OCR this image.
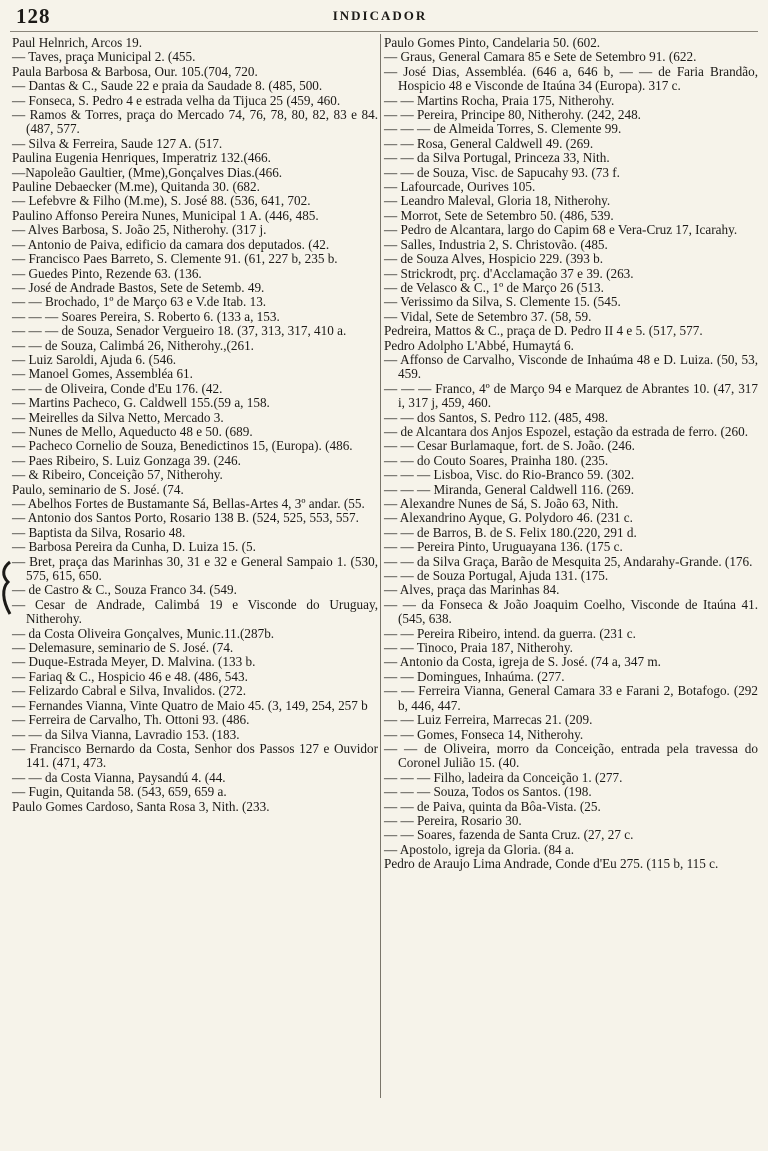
128	INDICADOR

Paul Helnrich, Arcos 19.

— Taves, praça Municipal 2. (455.

Paula Barbosa & Barbosa, Our. 105.(704, 720.

— Dantas & C., Saude 22 e praia da Saudade 8. (485, 500.

— Fonseca, S. Pedro 4 e estrada velha da Tijuca 25 (459, 460.

— Ramos & Torres, praça do Mercado 74, 76, 78, 80, 82, 83 e 84. (487, 577.

— Silva & Ferreira, Saude 127 A. (517.

Paulina Eugenia Henriques, Imperatriz 132.(466.

—Napoleão Gaultier, (Mme),Gonçalves Dias.(466.

Pauline Debaecker (M.me), Quitanda 30. (682.

— Lefebvre & Filho (M.me), S. José 88. (536, 641, 702.

Paulino Affonso Pereira Nunes, Municipal 1 A. (446, 485.

— Alves Barbosa, S. João 25, Nitherohy. (317 j.

— Antonio de Paiva, edificio da camara dos deputados. (42.

— Francisco Paes Barreto, S. Clemente 91. (61, 227 b, 235 b.

— Guedes Pinto, Rezende 63. (136.

— José de Andrade Bastos, Sete de Setemb. 49.

— — Brochado, 1º de Março 63 e V.de Itab. 13.

— — — Soares Pereira, S. Roberto 6. (133 a, 153.

— — — de Souza, Senador Vergueiro 18. (37, 313, 317, 410 a.

— — de Souza, Calimbá 26, Nitherohy.,(261.

— Luiz Saroldi, Ajuda 6. (546.

— Manoel Gomes, Assembléa 61.

— — de Oliveira, Conde d'Eu 176. (42.

— Martins Pacheco, G. Caldwell 155.(59 a, 158.

— Meirelles da Silva Netto, Mercado 3.

— Nunes de Mello, Aqueducto 48 e 50. (689.

— Pacheco Cornelio de Souza, Benedictinos 15, (Europa). (486.

— Paes Ribeiro, S. Luiz Gonzaga 39. (246.

— & Ribeiro, Conceição 57, Nitherohy.

Paulo, seminario de S. José. (74.

— Abelhos Fortes de Bustamante Sá, Bellas-Artes 4, 3º andar. (55.

— Antonio dos Santos Porto, Rosario 138 B. (524, 525, 553, 557.

— Baptista da Silva, Rosario 48.

— Barbosa Pereira da Cunha, D. Luiza 15. (5.

— Bret, praça das Marinhas 30, 31 e 32 e General Sampaio 1. (530, 575, 615, 650.

— de Castro & C., Souza Franco 34. (549.

— Cesar de Andrade, Calimbá 19 e Visconde do Uruguay, Nitherohy.

— da Costa Oliveira Gonçalves, Munic.11.(287b.

— Delemasure, seminario de S. José. (74.

— Duque-Estrada Meyer, D. Malvina. (133 b.

— Fariaq & C., Hospicio 46 e 48. (486, 543.

— Felizardo Cabral e Silva, Invalidos. (272.

— Fernandes Vianna, Vinte Quatro de Maio 45. (3, 149, 254, 257 b

— Ferreira de Carvalho, Th. Ottoni 93. (486.

— — da Silva Vianna, Lavradio 153. (183.

— Francisco Bernardo da Costa, Senhor dos Passos 127 e Ouvidor 141. (471, 473.

— — da Costa Vianna, Paysandú 4. (44.

— Fugin, Quitanda 58. (543, 659, 659 a.

Paulo Gomes Cardoso, Santa Rosa 3, Nith. (233.

Paulo Gomes Pinto, Candelaria 50. (602.

— Graus, General Camara 85 e Sete de Setembro 91. (622.

— José Dias, Assembléa. (646 a, 646 b, — — de Faria Brandão, Hospicio 48 e Visconde de Itaúna 34 (Europa). 317 c.

— — Martins Rocha, Praia 175, Nitherohy.

— — Pereira, Principe 80, Nitherohy. (242, 248.

— — — de Almeida Torres, S. Clemente 99.

— — Rosa, General Caldwell 49. (269.

— — da Silva Portugal, Princeza 33, Nith.

— — de Souza, Visc. de Sapucahy 93. (73 f.

— Lafourcade, Ourives 105.

— Leandro Maleval, Gloria 18, Nitherohy.

— Morrot, Sete de Setembro 50. (486, 539.

— Pedro de Alcantara, largo do Capim 68 e Vera-Cruz 17, Icarahy.

— Salles, Industria 2, S. Christovão. (485.

— de Souza Alves, Hospicio 229. (393 b.

— Strickrodt, prç. d'Acclamação 37 e 39. (263.

— de Velasco & C., 1º de Março 26 (513.

— Verissimo da Silva, S. Clemente 15. (545.

— Vidal, Sete de Setembro 37. (58, 59.

Pedreira, Mattos & C., praça de D. Pedro II 4 e 5. (517, 577.

Pedro Adolpho L'Abbé, Humaytá 6.

— Affonso de Carvalho, Visconde de Inhaúma 48 e D. Luiza. (50, 53, 459.

— — — Franco, 4º de Março 94 e Marquez de Abrantes 10. (47, 317 i, 317 j, 459, 460.

— — dos Santos, S. Pedro 112. (485, 498.

— de Alcantara dos Anjos Espozel, estação da estrada de ferro. (260.

— — Cesar Burlamaque, fort. de S. João. (246.

— — do Couto Soares, Prainha 180. (235.

— — — Lisboa, Visc. do Rio-Branco 59. (302.

— — — Miranda, General Caldwell 116. (269.

— Alexandre Nunes de Sá, S. João 63, Nith.

— Alexandrino Ayque, G. Polydoro 46. (231 c.

— — de Barros, B. de S. Felix 180.(220, 291 d.

— — Pereira Pinto, Uruguayana 136. (175 c.

— — da Silva Graça, Barão de Mesquita 25, Andarahy-Grande. (176.

— — de Souza Portugal, Ajuda 131. (175.

— Alves, praça das Marinhas 84.

— — da Fonseca & João Joaquim Coelho, Visconde de Itaúna 41. (545, 638.

— — Pereira Ribeiro, intend. da guerra. (231 c.

— — Tinoco, Praia 187, Nitherohy.

— Antonio da Costa, igreja de S. José. (74 a, 347 m.

— — Domingues, Inhaúma. (277.

— — Ferreira Vianna, General Camara 33 e Farani 2, Botafogo. (292 b, 446, 447.

— — Luiz Ferreira, Marrecas 21. (209.

— — Gomes, Fonseca 14, Nitherohy.

— — de Oliveira, morro da Conceição, entrada pela travessa do Coronel Julião 15. (40.

— — — Filho, ladeira da Conceição 1. (277.

— — — Souza, Todos os Santos. (198.

— — de Paiva, quinta da Bôa-Vista. (25.

— — Pereira, Rosario 30.

— — Soares, fazenda de Santa Cruz. (27, 27 c.

— Apostolo, igreja da Gloria. (84 a.

Pedro de Araujo Lima Andrade, Conde d'Eu 275. (115 b, 115 c.
